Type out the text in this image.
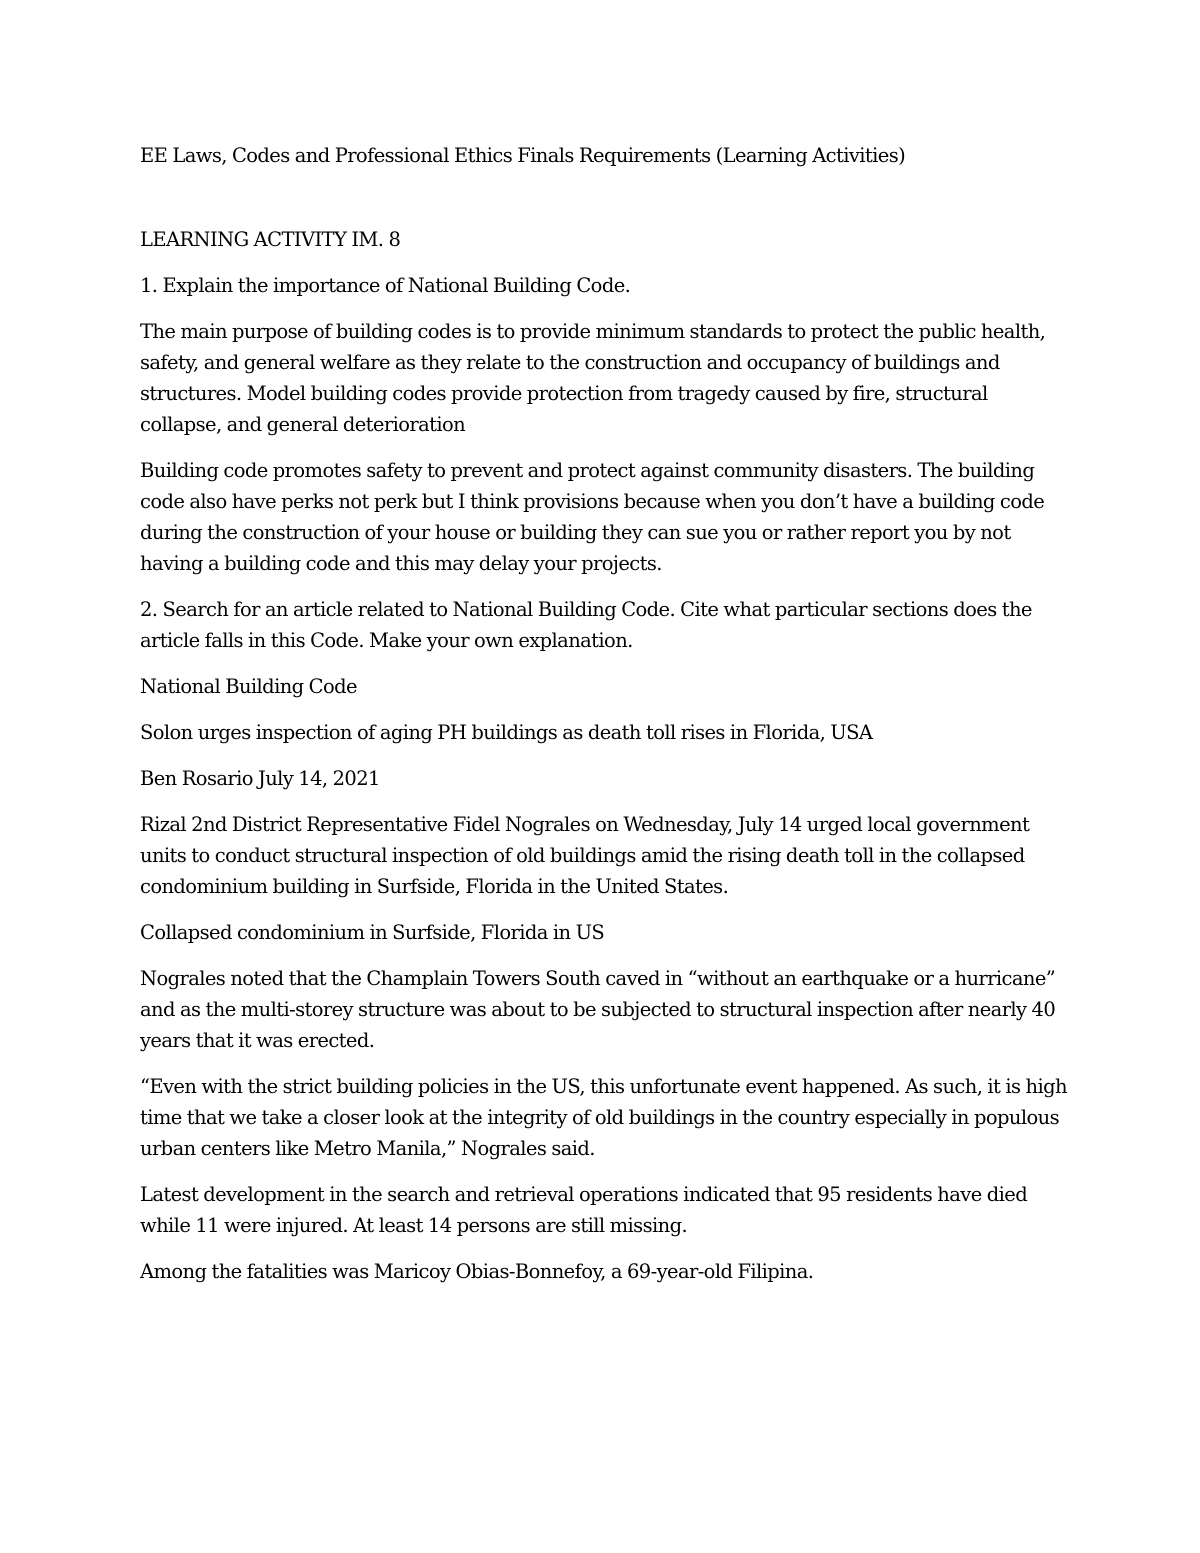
EE Laws, Codes and Professional Ethics Finals Requirements (Learning Activities)

LEARNING ACTIVITY IM. 8

1. Explain the importance of National Building Code.

The main purpose of building codes is to provide minimum standards to protect the public health, safety, and general welfare as they relate to the construction and occupancy of buildings and structures. Model building codes provide protection from tragedy caused by fire, structural collapse, and general deterioration

Building code promotes safety to prevent and protect against community disasters. The building code also have perks not perk but I think provisions because when you don’t have a building code during the construction of your house or building they can sue you or rather report you by not having a building code and this may delay your projects.

2. Search for an article related to National Building Code. Cite what particular sections does the article falls in this Code. Make your own explanation.

National Building Code

Solon urges inspection of aging PH buildings as death toll rises in Florida, USA

Ben Rosario July 14, 2021

Rizal 2nd District Representative Fidel Nograles on Wednesday, July 14 urged local government units to conduct structural inspection of old buildings amid the rising death toll in the collapsed condominium building in Surfside, Florida in the United States.

Collapsed condominium in Surfside, Florida in US

Nograles noted that the Champlain Towers South caved in “without an earthquake or a hurricane” and as the multi-storey structure was about to be subjected to structural inspection after nearly 40 years that it was erected.

“Even with the strict building policies in the US, this unfortunate event happened. As such, it is high time that we take a closer look at the integrity of old buildings in the country especially in populous urban centers like Metro Manila,” Nograles said.

Latest development in the search and retrieval operations indicated that 95 residents have died while 11 were injured. At least 14 persons are still missing.

Among the fatalities was Maricoy Obias-Bonnefoy, a 69-year-old Filipina.
